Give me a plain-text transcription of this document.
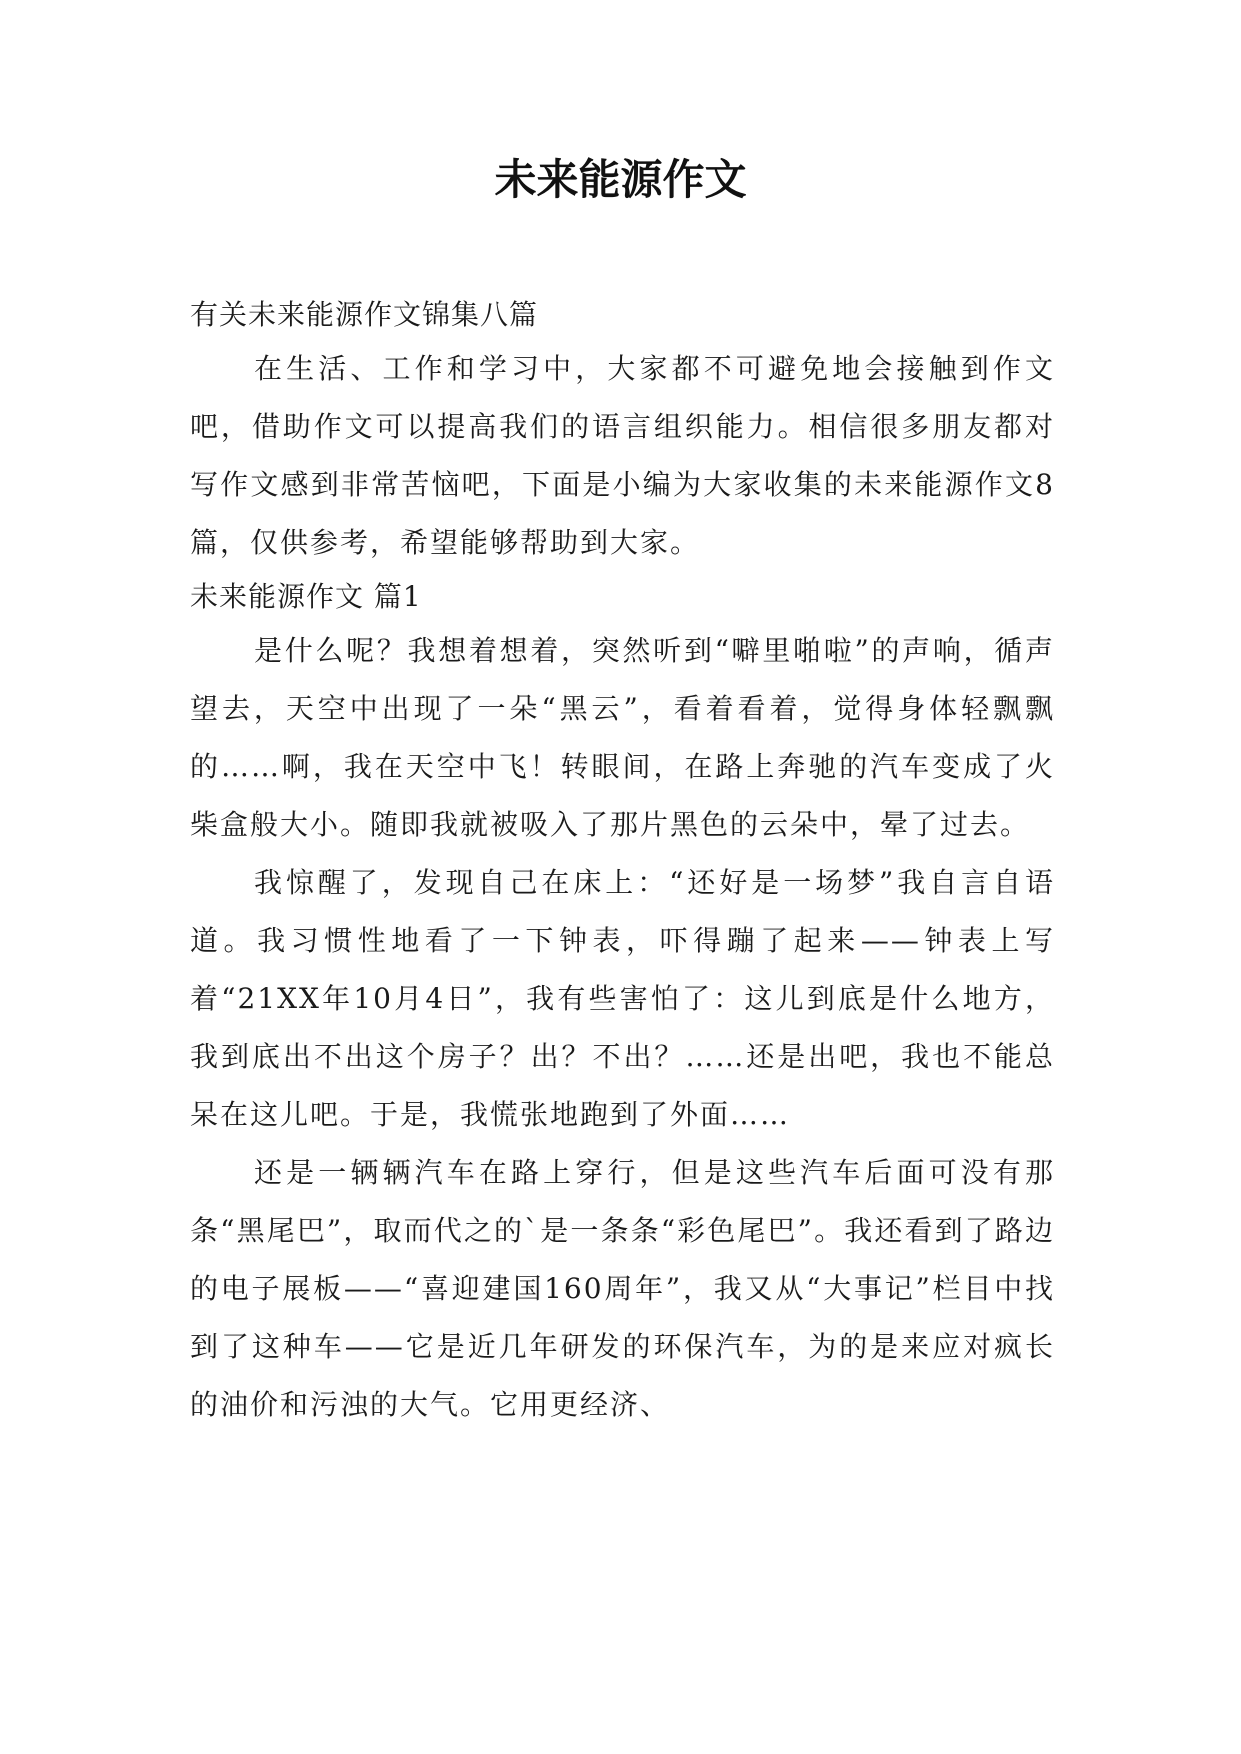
未来能源作文

有关未来能源作文锦集八篇

在生活、工作和学习中，大家都不可避免地会接触到作文吧，借助作文可以提高我们的语言组织能力。相信很多朋友都对写作文感到非常苦恼吧，下面是小编为大家收集的未来能源作文8篇，仅供参考，希望能够帮助到大家。

未来能源作文 篇1

是什么呢？我想着想着，突然听到“噼里啪啦”的声响，循声望去，天空中出现了一朵“黑云”，看着看着，觉得身体轻飘飘的……啊，我在天空中飞！转眼间，在路上奔驰的汽车变成了火柴盒般大小。随即我就被吸入了那片黑色的云朵中，晕了过去。

我惊醒了，发现自己在床上：“还好是一场梦”我自言自语道。我习惯性地看了一下钟表，吓得蹦了起来——钟表上写着“21XX年10月4日”，我有些害怕了：这儿到底是什么地方，我到底出不出这个房子？出？不出？……还是出吧，我也不能总呆在这儿吧。于是，我慌张地跑到了外面……

还是一辆辆汽车在路上穿行，但是这些汽车后面可没有那条“黑尾巴”，取而代之的`是一条条“彩色尾巴”。我还看到了路边的电子展板——“喜迎建国160周年”，我又从“大事记”栏目中找到了这种车——它是近几年研发的环保汽车，为的是来应对疯长的油价和污浊的大气。它用更经济、
